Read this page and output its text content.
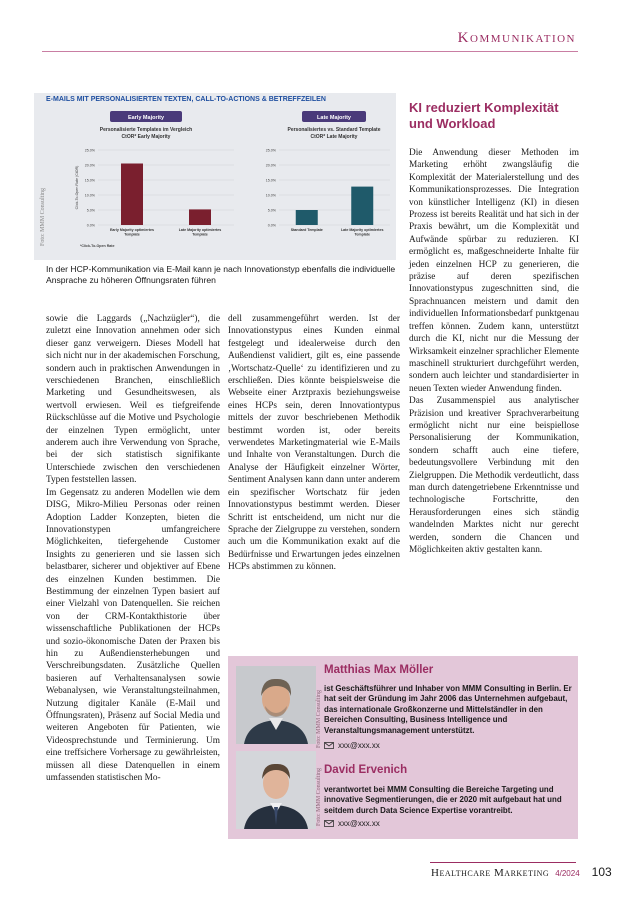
Kommunikation
E-MAILS MIT PERSONALISIERTEN TEXTEN, CALL-TO-ACTIONS & BETREFFZEILEN
Early Majority
Personalisierte Templates im Vergleich
CtOR* Early Majority
25.0%
20.0%
15.0%
10.0%
5.0%
0.0%
Click-To-Open Rate (CtOR)
Early Majority optimiertes
Template
Late Majority optimiertes
Template
*Click-To-Open Rate
Late Majority
Personalisiertes vs. Standard Template
CtOR* Late Majority
25.0%
20.0%
15.0%
10.0%
5.0%
0.0%
Standard Template	Late Majority optimiertes
Template
Foto: MMM Consulting
In der HCP-Kommunikation via E-Mail kann je nach Innovationstyp ebenfalls die individuelle Ansprache zu höheren Öffnungsraten führen
KI reduziert Komplexität und Workload

sowie die Laggards („Nachzügler“), die zuletzt eine Innovation annehmen oder sich dieser ganz verweigern. Dieses Modell hat sich nicht nur in der akademischen Forschung, sondern auch in praktischen Anwendungen in verschiedenen Branchen, einschließlich Marketing und Gesundheitswesen, als wertvoll erwiesen. Weil es tiefgreifende Rückschlüsse auf die Motive und Psychologie der einzelnen Typen ermöglicht, unter anderem auch ihre Verwendung von Sprache, bei der sich statistisch signifikante Unterschiede zwischen den verschiedenen Typen feststellen lassen.

Im Gegensatz zu anderen Modellen wie dem DISG, Mikro-Milieu Personas oder reinen Adoption Ladder Konzepten, bieten die Innovationstypen umfangreichere Möglichkeiten, tiefergehende Customer Insights zu generieren und sie lassen sich belastbarer, sicherer und objektiver auf Ebene des einzelnen Kunden bestimmen. Die Bestimmung der einzelnen Typen basiert auf einer Vielzahl von Datenquellen. Sie reichen von der CRM-Kontakthistorie über wissenschaftliche Publikationen der HCPs und sozio-ökonomische Daten der Praxen bis hin zu Außendiensterhebungen und Verschreibungsdaten. Zusätzliche Quellen basieren auf Verhaltensanalysen sowie Webanalysen, wie Veranstaltungsteilnahmen, Nutzung digitaler Kanäle (E-Mail und Öffnungsraten), Präsenz auf Social Media und weiteren Angeboten für Patienten, wie Videosprechstunde und Terminierung. Um eine treffsichere Vorhersage zu gewährleisten, müssen all diese Datenquellen in einem umfassenden statistischen Mo-

dell zusammengeführt werden. Ist der Innovationstypus eines Kunden einmal festgelegt und idealerweise durch den Außendienst validiert, gilt es, eine passende ‚Wortschatz-Quelle‘ zu identifizieren und zu erschließen. Dies könnte beispielsweise die Webseite einer Arztpraxis beziehungsweise eines HCPs sein, deren Innovationtypus mittels der zuvor beschriebenen Methodik bestimmt worden ist, oder bereits verwendetes Marketingmaterial wie E-Mails und Inhalte von Veranstaltungen. Durch die Analyse der Häufigkeit einzelner Wörter, Sentiment Analysen kann dann unter anderem ein spezifischer Wortschatz für jeden Innovationstypus bestimmt werden. Dieser Schritt ist entscheidend, um nicht nur die Sprache der Zielgruppe zu verstehen, sondern auch um die Kommunikation exakt auf die Bedürfnisse und Erwartungen jedes einzelnen HCPs abstimmen zu können.

Die Anwendung dieser Methoden im Marketing erhöht zwangsläufig die Komplexität der Materialerstellung und des Kommunikationsprozesses. Die Integration von künstlicher Intelligenz (KI) in diesen Prozess ist bereits Realität und hat sich in der Praxis bewährt, um die Komplexität und Aufwände spürbar zu reduzieren. KI ermöglicht es, maßgeschneiderte Inhalte für jeden einzelnen HCP zu generieren, die präzise auf deren spezifischen Innovationstypus zugeschnitten sind, die Sprachnuancen meistern und damit den individuellen Informationsbedarf punktgenau treffen können. Zudem kann, unterstützt durch die KI, nicht nur die Messung der Wirksamkeit einzelner sprachlicher Elemente maschinell strukturiert durchgeführt werden, sondern auch leichter und standardisierter in neuen Texten wieder Anwendung finden.

Das Zusammenspiel aus analytischer Präzision und kreativer Sprachverarbeitung ermöglicht nicht nur eine beispiellose Personalisierung der Kommunikation, sondern schafft auch eine tiefere, bedeutungsvollere Verbindung mit den Zielgruppen. Die Methodik verdeutlicht, dass man durch datengetriebene Erkenntnisse und technologische Fortschritte, den Herausforderungen eines sich ständig wandelnden Marktes nicht nur gerecht werden, sondern die Chancen und Möglichkeiten aktiv gestalten kann.

Foto: MMM Consulting
Matthias Max Möller
ist Geschäftsführer und Inhaber von MMM Consulting in Berlin. Er hat seit der Gründung im Jahr 2006 das Unternehmen aufgebaut, das internationale Großkonzerne und Mittelständler in den Bereichen Consulting, Business Intelligence und Veranstaltungsmanagement unterstützt.
xxx@xxx.xx
Foto: MMM Consulting David Ervenich
verantwortet bei MMM Consulting die Bereiche Targeting und innovative Segmentierungen, die er 2020 mit aufgebaut hat und seitdem durch Data Science Expertise vorantreibt.
xxx@xxx.xx
Healthcare Marketing 4/2024 103
